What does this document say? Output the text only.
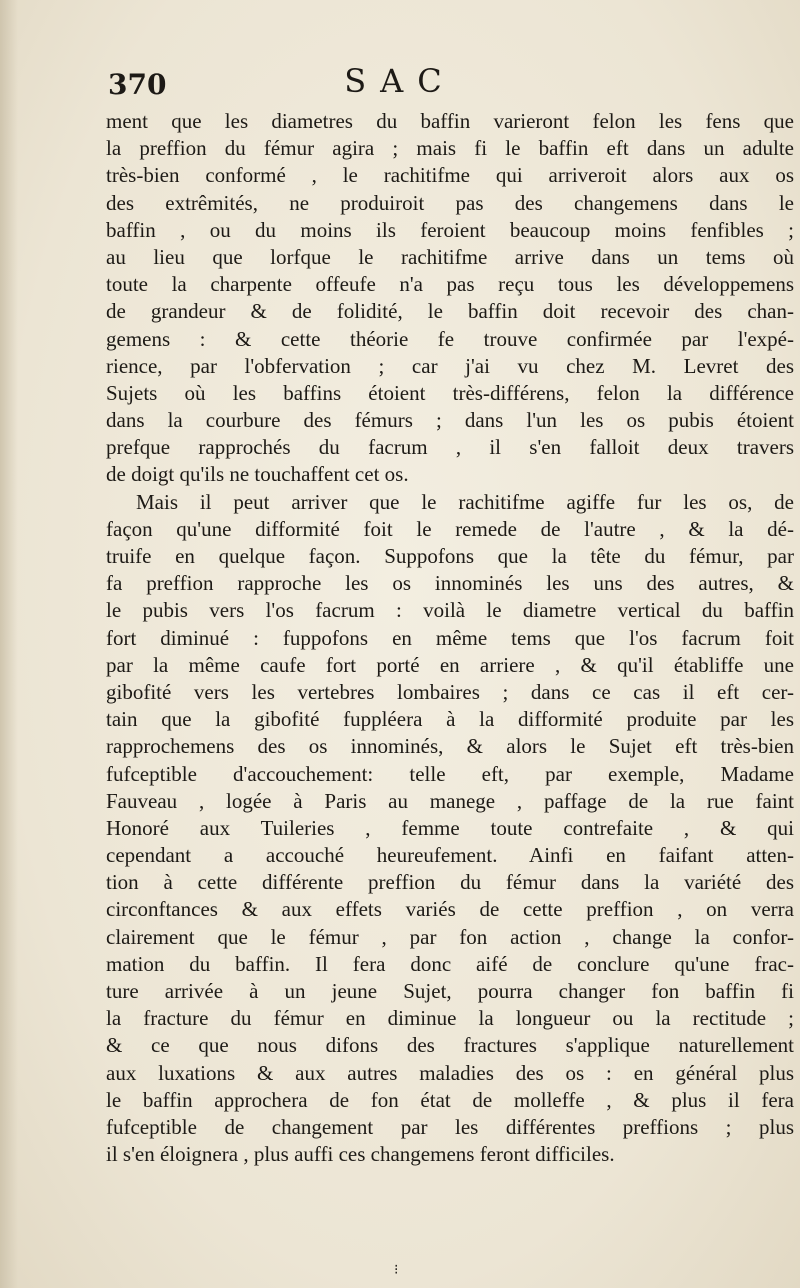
370	SAC
ment que les diametres du baffin varieront felon les fens que
la preffion du fémur agira ; mais fi le baffin eft dans un adulte
très-bien conformé , le rachitifme qui arriveroit alors aux os
des extrêmités, ne produiroit pas des changemens dans le
baffin , ou du moins ils feroient beaucoup moins fenfibles ;
au lieu que lorfque le rachitifme arrive dans un tems où
toute la charpente offeufe n'a pas reçu tous les développemens
de grandeur & de folidité, le baffin doit recevoir des chan-
gemens : & cette théorie fe trouve confirmée par l'expé-
rience, par l'obfervation ; car j'ai vu chez M. Levret des
Sujets où les baffins étoient très-différens, felon la différence
dans la courbure des fémurs ; dans l'un les os pubis étoient
prefque rapprochés du facrum , il s'en falloit deux travers
de doigt qu'ils ne touchaffent cet os.
Mais il peut arriver que le rachitifme agiffe fur les os, de
façon qu'une difformité foit le remede de l'autre , & la dé-
truife en quelque façon. Suppofons que la tête du fémur, par
fa preffion rapproche les os innominés les uns des autres, &
le pubis vers l'os facrum : voilà le diametre vertical du baffin
fort diminué : fuppofons en même tems que l'os facrum foit
par la même caufe fort porté en arriere , & qu'il établiffe une
gibofité vers les vertebres lombaires ; dans ce cas il eft cer-
tain que la gibofité fuppléera à la difformité produite par les
rapprochemens des os innominés, & alors le Sujet eft très-bien
fufceptible d'accouchement: telle eft, par exemple, Madame
Fauveau , logée à Paris au manege , paffage de la rue faint
Honoré aux Tuileries , femme toute contrefaite , & qui
cependant a accouché heureufement. Ainfi en faifant atten-
tion à cette différente preffion du fémur dans la variété des
circonftances & aux effets variés de cette preffion , on verra
clairement que le fémur , par fon action , change la confor-
mation du baffin. Il fera donc aifé de conclure qu'une frac-
ture arrivée à un jeune Sujet, pourra changer fon baffin fi
la fracture du fémur en diminue la longueur ou la rectitude ;
& ce que nous difons des fractures s'applique naturellement
aux luxations & aux autres maladies des os : en général plus
le baffin approchera de fon état de molleffe , & plus il fera
fufceptible de changement par les différentes preffions ; plus
il s'en éloignera , plus auffi ces changemens feront difficiles.
⁝
